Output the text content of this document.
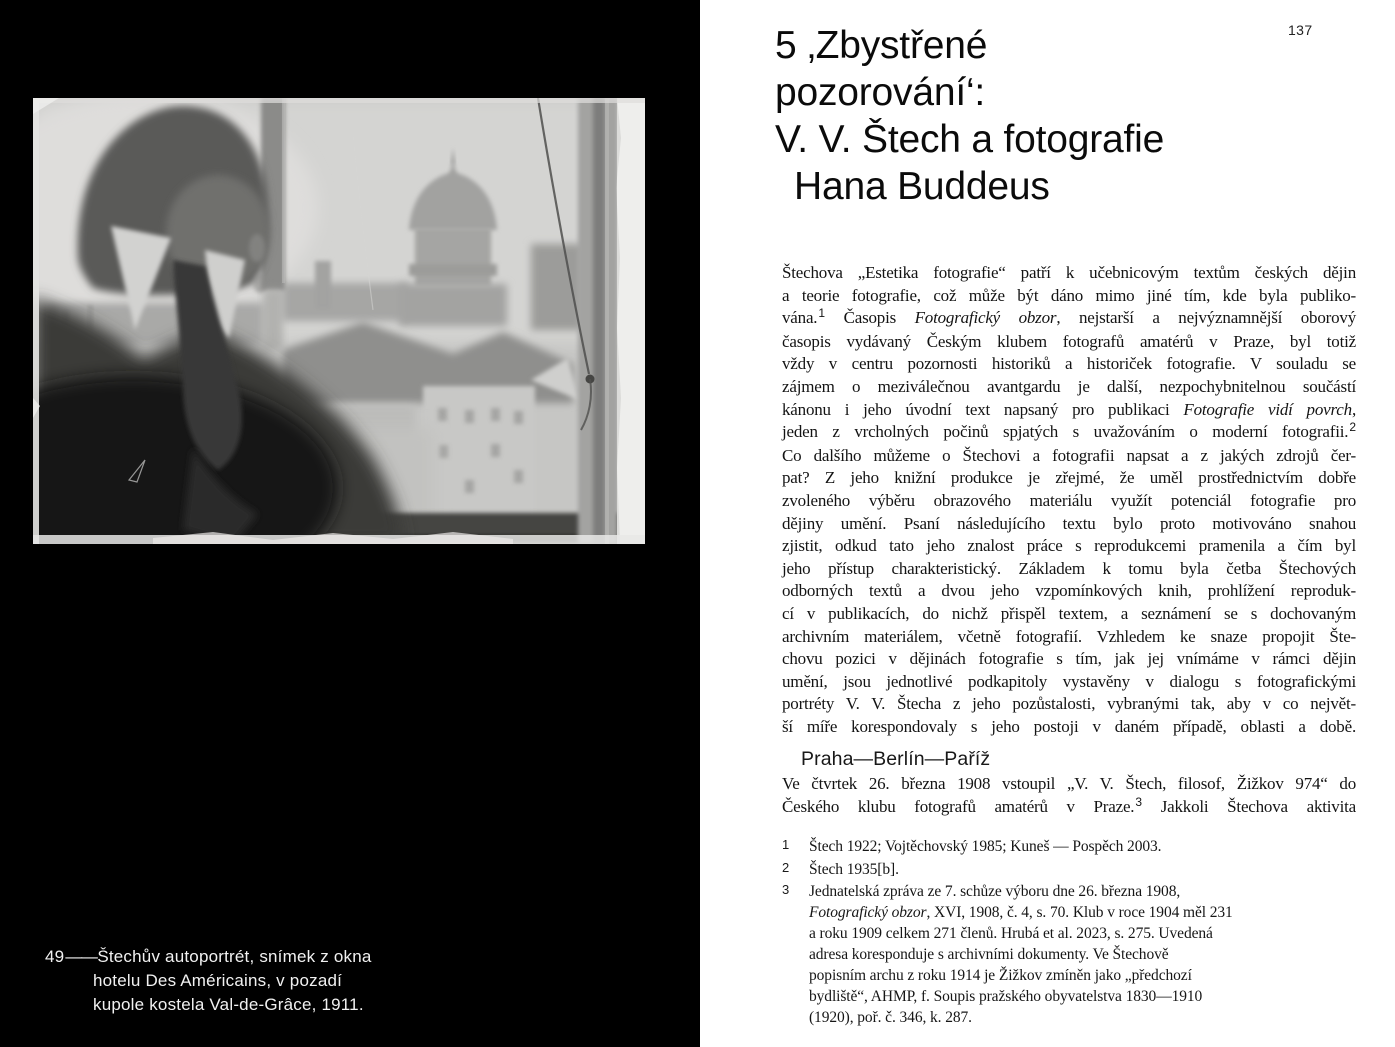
49——Štechův autoportrét, snímek z okna
hotelu Des Américains, v pozadí
kupole kostela Val-de-Grâce, 1911.
137
5 ‚Zbystřené
pozorování‘:
V. V. Štech a fotografie
Hana Buddeus
Štechova „Estetika fotografie“ patří k učebnicovým textům českých dějin
a teorie fotografie, což může být dáno mimo jiné tím, kde byla publiko-
vána.$^1$ Časopis Fotografický obzor, nejstarší a nejvýznamnější oborový
časopis vydávaný Českým klubem fotografů amatérů v Praze, byl totiž
vždy v centru pozornosti historiků a historiček fotografie. V souladu se
zájmem o meziválečnou avantgardu je další, nezpochybnitelnou součástí
kánonu i jeho úvodní text napsaný pro publikaci Fotografie vidí povrch,
jeden z vrcholných počinů spjatých s uvažováním o moderní fotografii.$^2$
Co dalšího můžeme o Štechovi a fotografii napsat a z jakých zdrojů čer-
pat? Z jeho knižní produkce je zřejmé, že uměl prostřednictvím dobře
zvoleného výběru obrazového materiálu využít potenciál fotografie pro
dějiny umění. Psaní následujícího textu bylo proto motivováno snahou
zjistit, odkud tato jeho znalost práce s reprodukcemi pramenila a čím byl
jeho přístup charakteristický. Základem k tomu byla četba Štechových
odborných textů a dvou jeho vzpomínkových knih, prohlížení reproduk-
cí v publikacích, do nichž přispěl textem, a seznámení se s dochovaným
archivním materiálem, včetně fotografií. Vzhledem ke snaze propojit Šte-
chovu pozici v dějinách fotografie s tím, jak jej vnímáme v rámci dějin
umění, jsou jednotlivé podkapitoly vystavěny v dialogu s fotografickými
portréty V. V. Štecha z jeho pozůstalosti, vybranými tak, aby v co největ-
ší míře korespondovaly s jeho postoji v daném případě, oblasti a době.
Praha—Berlín—Paříž
Ve čtvrtek 26. března 1908 vstoupil „V. V. Štech, filosof, Žižkov 974“ do
Českého klubu fotografů amatérů v Praze.$^3$ Jakkoli Štechova aktivita
1	Štech 1922; Vojtěchovský 1985; Kuneš — Pospěch 2003.
2	Štech 1935[b].
3	Jednatelská zpráva ze 7. schůze výboru dne 26. března 1908,
Fotografický obzor, XVI, 1908, č. 4, s. 70. Klub v roce 1904 měl 231
a roku 1909 celkem 271 členů. Hrubá et al. 2023, s. 275. Uvedená
adresa koresponduje s archivními dokumenty. Ve Štechově
popisním archu z roku 1914 je Žižkov zmíněn jako „předchozí
bydliště“, AHMP, f. Soupis pražského obyvatelstva 1830—1910
(1920), poř. č. 346, k. 287.
